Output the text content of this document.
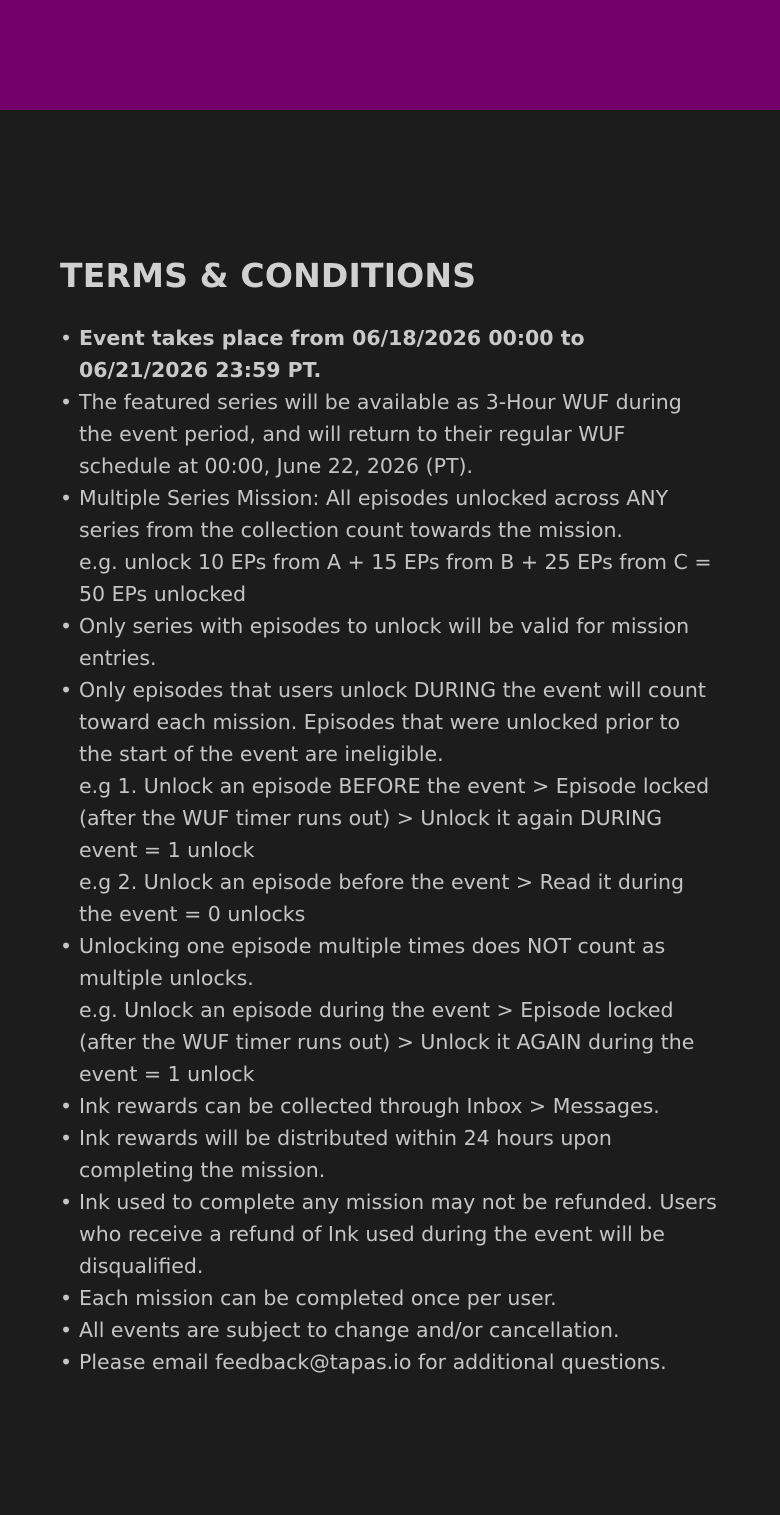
TERMS & CONDITIONS
• Event takes place from 06/18/2026 00:00 to 06/21/2026 23:59 PT.
• The featured series will be available as 3-Hour WUF during the event period, and will return to their regular WUF schedule at 00:00, June 22, 2026 (PT).
• Multiple Series Mission: All episodes unlocked across ANY series from the collection count towards the mission.
e.g. unlock 10 EPs from A + 15 EPs from B + 25 EPs from C = 50 EPs unlocked
• Only series with episodes to unlock will be valid for mission entries.
• Only episodes that users unlock DURING the event will count toward each mission. Episodes that were unlocked prior to the start of the event are ineligible.
e.g 1. Unlock an episode BEFORE the event > Episode locked (after the WUF timer runs out) > Unlock it again DURING event = 1 unlock
e.g 2. Unlock an episode before the event > Read it during the event = 0 unlocks
• Unlocking one episode multiple times does NOT count as multiple unlocks.
e.g. Unlock an episode during the event > Episode locked (after the WUF timer runs out) > Unlock it AGAIN during the event = 1 unlock
• Ink rewards can be collected through Inbox > Messages.
• Ink rewards will be distributed within 24 hours upon completing the mission.
• Ink used to complete any mission may not be refunded. Users who receive a refund of Ink used during the event will be disqualified.
• Each mission can be completed once per user.
• All events are subject to change and/or cancellation.
• Please email feedback@tapas.io for additional questions.
